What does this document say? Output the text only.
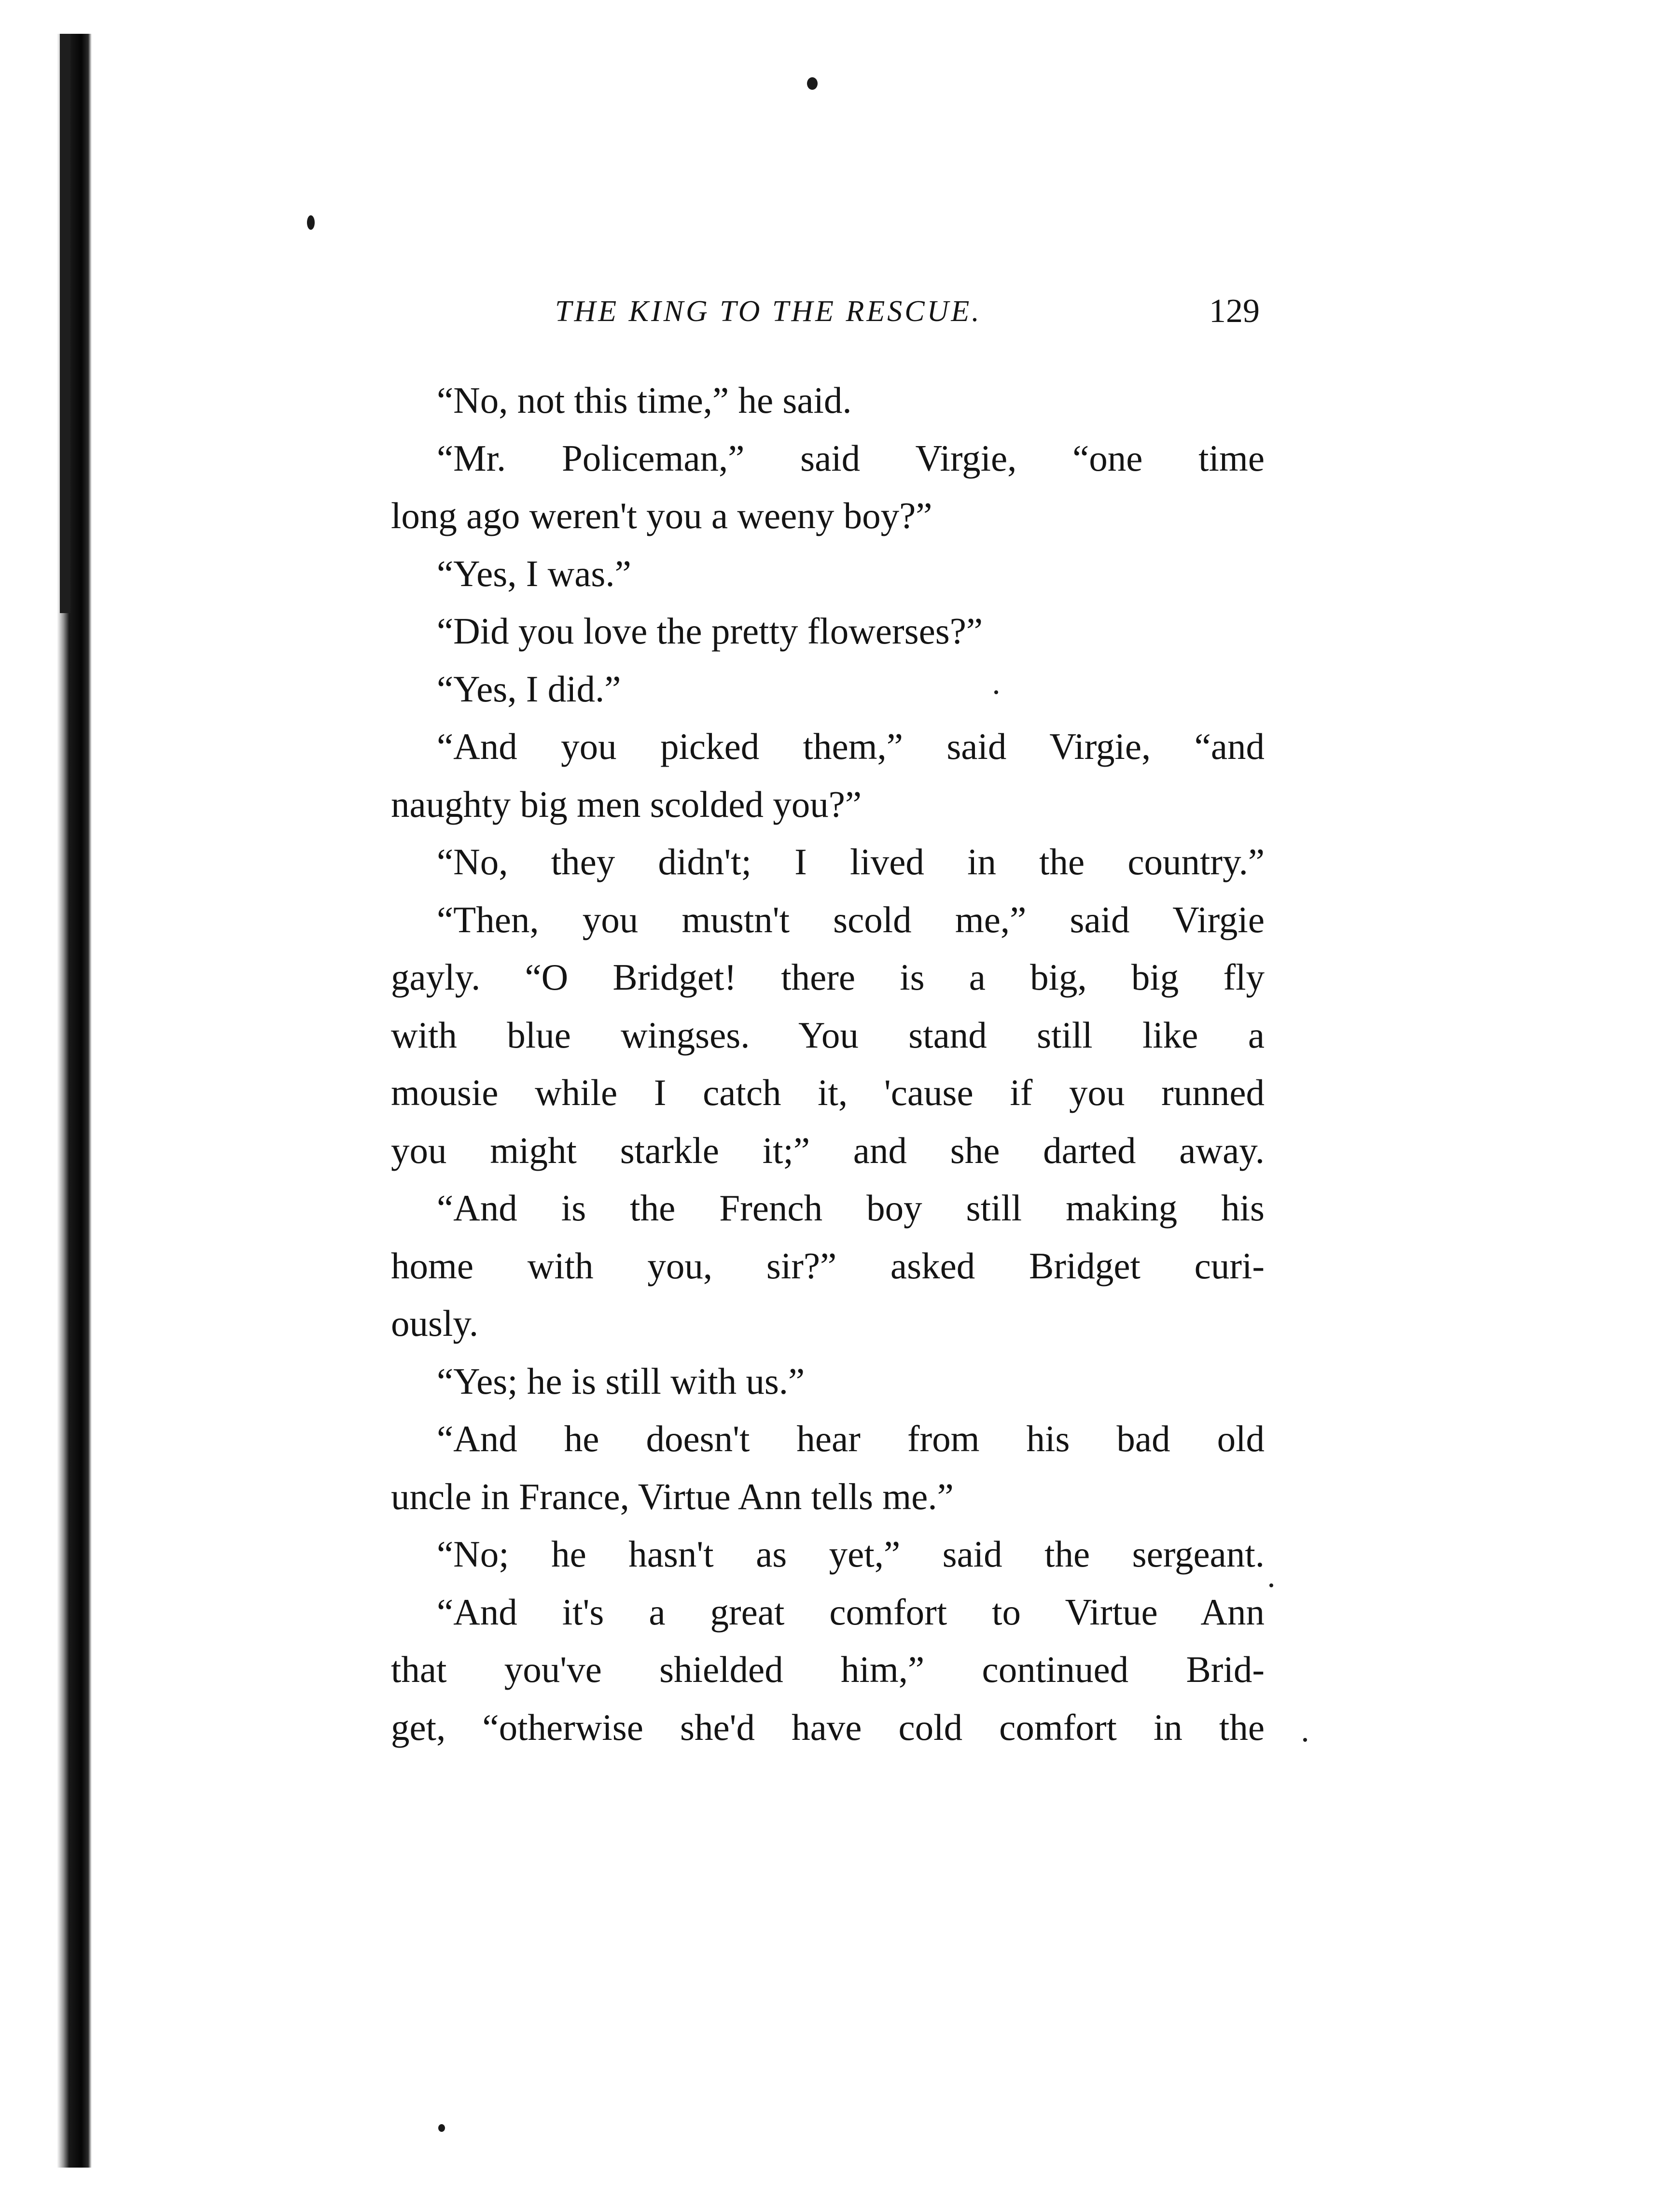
THE KING TO THE RESCUE.	129
“No, not this time,” he said.
“Mr. Policeman,” said Virgie, “one time
long ago weren't you a weeny boy?”
“Yes, I was.”
“Did you love the pretty flowerses?”
“Yes, I did.”
“And you picked them,” said Virgie, “and
naughty big men scolded you?”
“No, they didn't; I lived in the country.”
“Then, you mustn't scold me,” said Virgie
gayly. “O Bridget! there is a big, big fly
with blue wingses. You stand still like a
mousie while I catch it, 'cause if you runned
you might starkle it;” and she darted away.
“And is the French boy still making his
home with you, sir?” asked Bridget curi-
ously.
“Yes; he is still with us.”
“And he doesn't hear from his bad old
uncle in France, Virtue Ann tells me.”
“No; he hasn't as yet,” said the sergeant.
“And it's a great comfort to Virtue Ann
that you've shielded him,” continued Brid-
get, “otherwise she'd have cold comfort in the
